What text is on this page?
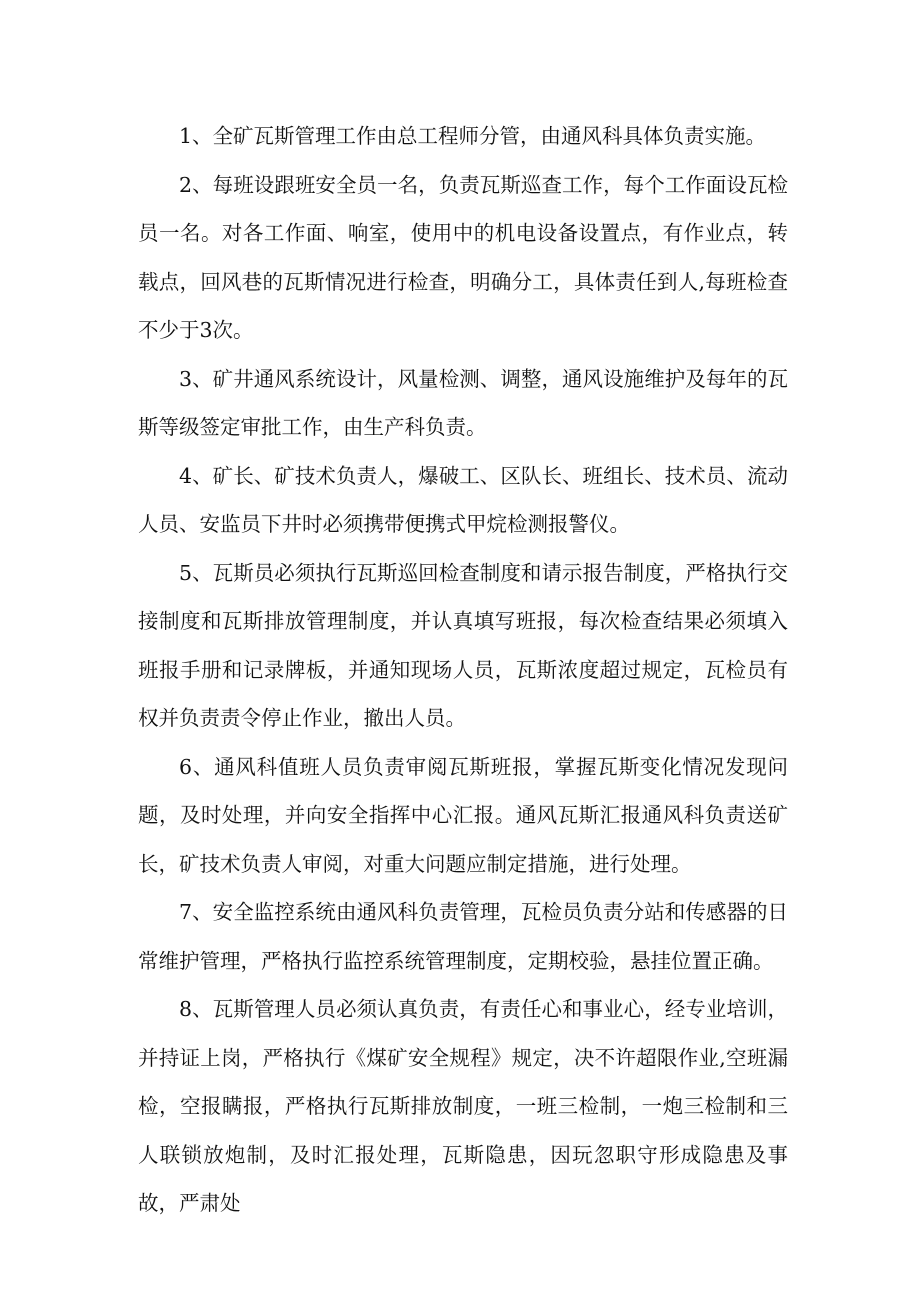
1、全矿瓦斯管理工作由总工程师分管，由通风科具体负责实施。

2、每班设跟班安全员一名，负责瓦斯巡查工作，每个工作面设瓦检员一名。对各工作面、响室，使用中的机电设备设置点，有作业点，转载点，回风巷的瓦斯情况进行检查，明确分工，具体责任到人,每班检查不少于3次。

3、矿井通风系统设计，风量检测、调整，通风设施维护及每年的瓦斯等级签定审批工作，由生产科负责。

4、矿长、矿技术负责人，爆破工、区队长、班组长、技术员、流动人员、安监员下井时必须携带便携式甲烷检测报警仪。

5、瓦斯员必须执行瓦斯巡回检查制度和请示报告制度，严格执行交接制度和瓦斯排放管理制度，并认真填写班报，每次检查结果必须填入班报手册和记录牌板，并通知现场人员，瓦斯浓度超过规定，瓦检员有权并负责责令停止作业，撤出人员。

6、通风科值班人员负责审阅瓦斯班报，掌握瓦斯变化情况发现问题，及时处理，并向安全指挥中心汇报。通风瓦斯汇报通风科负责送矿长，矿技术负责人审阅，对重大问题应制定措施，进行处理。

7、安全监控系统由通风科负责管理，瓦检员负责分站和传感器的日常维护管理，严格执行监控系统管理制度，定期校验，悬挂位置正确。

8、瓦斯管理人员必须认真负责，有责任心和事业心，经专业培训，并持证上岗，严格执行《煤矿安全规程》规定，决不许超限作业,空班漏检，空报瞒报，严格执行瓦斯排放制度，一班三检制，一炮三检制和三人联锁放炮制，及时汇报处理，瓦斯隐患，因玩忽职守形成隐患及事故，严肃处
